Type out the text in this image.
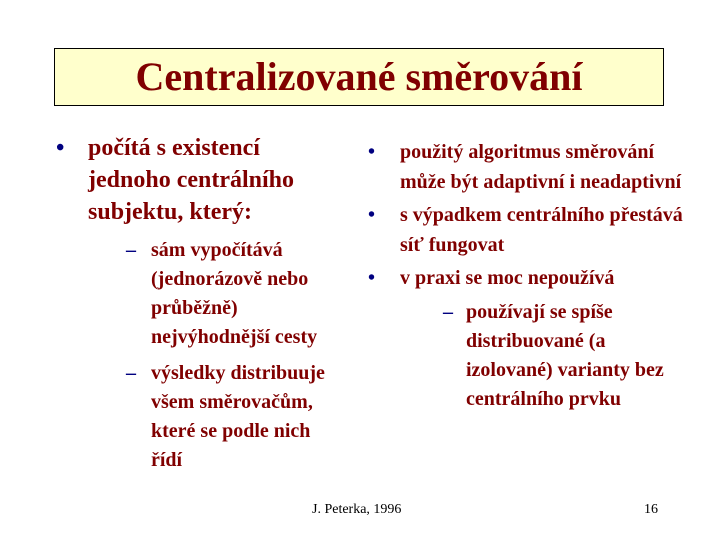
Centralizované směrování
• počítá s existencí jednoho centrálního subjektu, který:
– sám vypočítává (jednorázově nebo průběžně) nejvýhodnější cesty
– výsledky distribuuje všem směrovačům, které se podle nich řídí
• použitý algoritmus směrování může být adaptivní i neadaptivní
• s výpadkem centrálního přestává síť fungovat
• v praxi se moc nepoužívá
– používají se spíše distribuované (a izolované) varianty bez centrálního prvku
J. Peterka, 1996	16
